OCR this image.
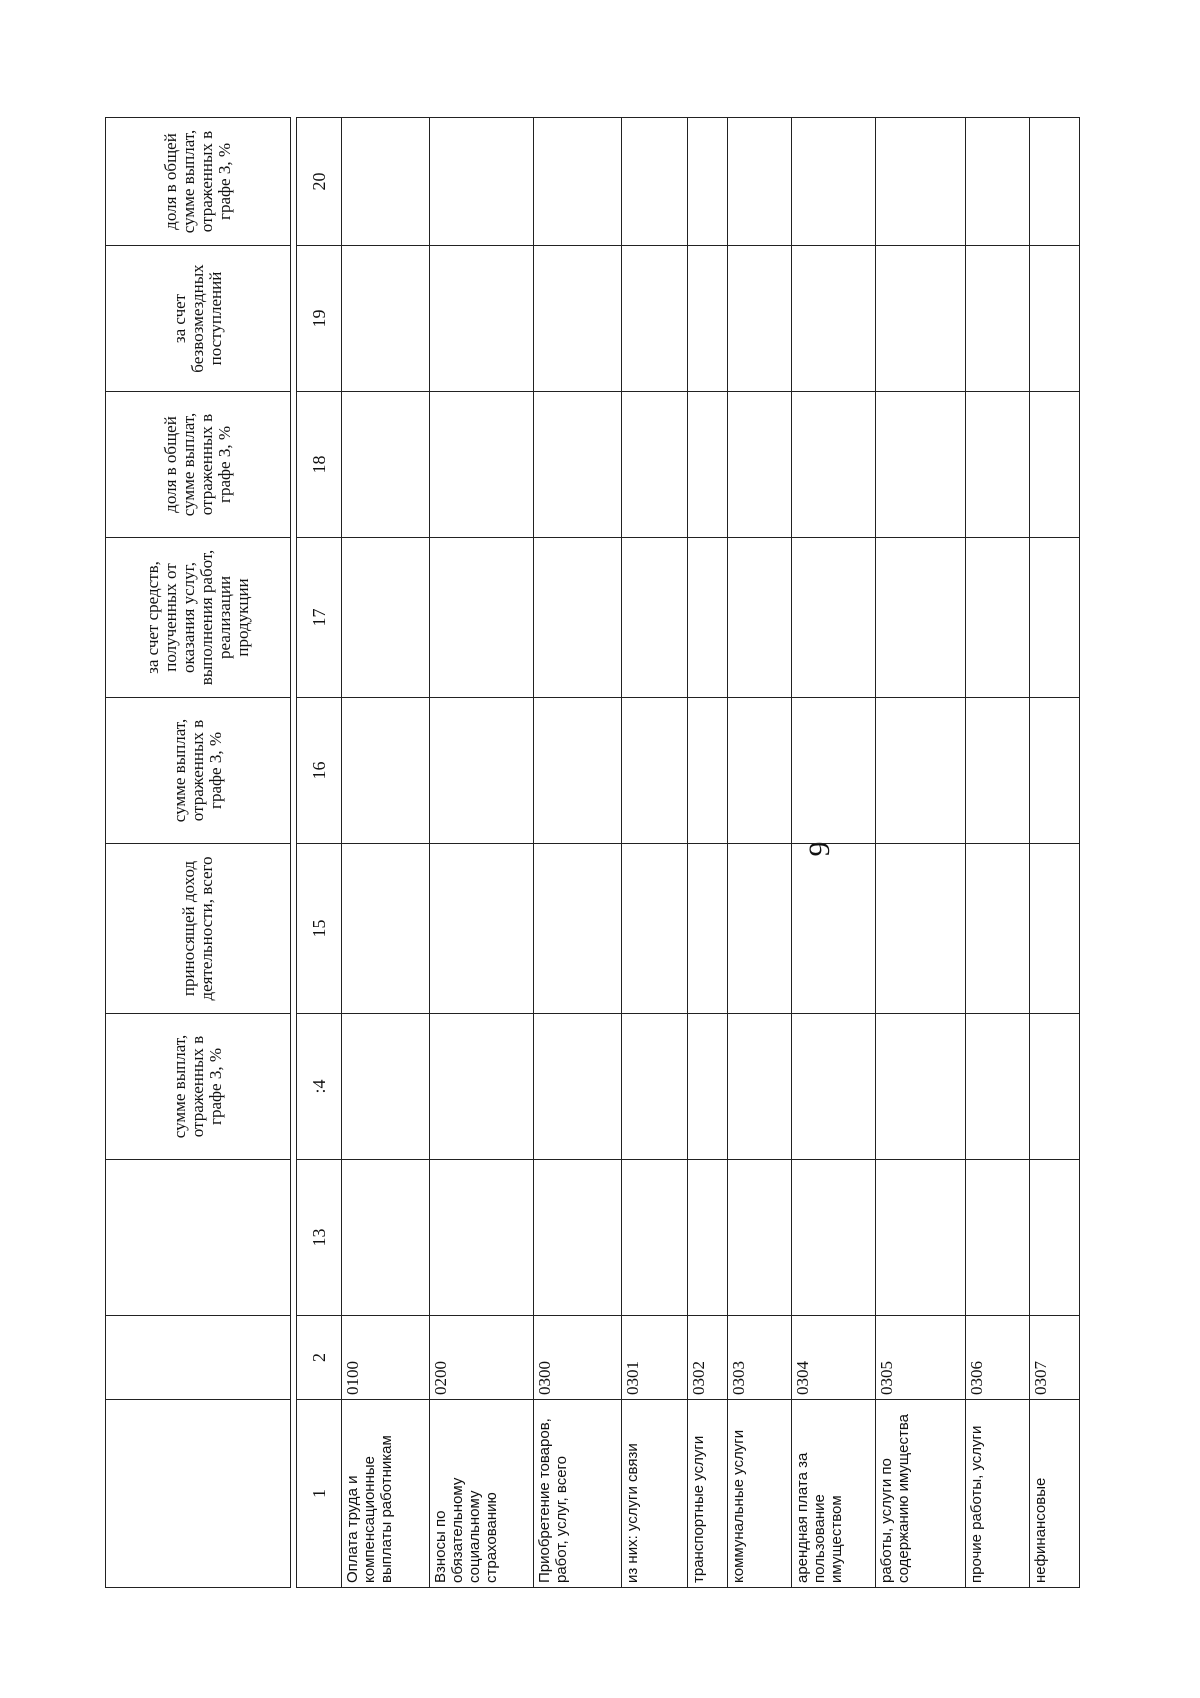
9
			сумме выплат, отраженных в графе 3, %	приносящей доход деятельности, всего	сумме выплат, отраженных в графе 3, %	за счет средств, полученных от оказания услуг, выполнения работ, реализации продукции	доля в общей сумме выплат, отраженных в графе 3, %	за счет безвозмездных поступлений	доля в общей сумме выплат, отраженных в графе 3, %

1	2	13	:4	15	16	17	18	19	20
Оплата труда и компенсационные выплаты работникам	0100								
Взносы по обязательному социальному страхованию	0200								
Приобретение товаров, работ, услуг, всего	0300								
из них: услуги связи	0301								
транспортные услуги	0302								
коммунальные услуги	0303								
арендная плата за пользование имуществом	0304								
работы, услуги по содержанию имущества	0305								
прочие работы, услуги	0306								
нефинансовые	0307								
